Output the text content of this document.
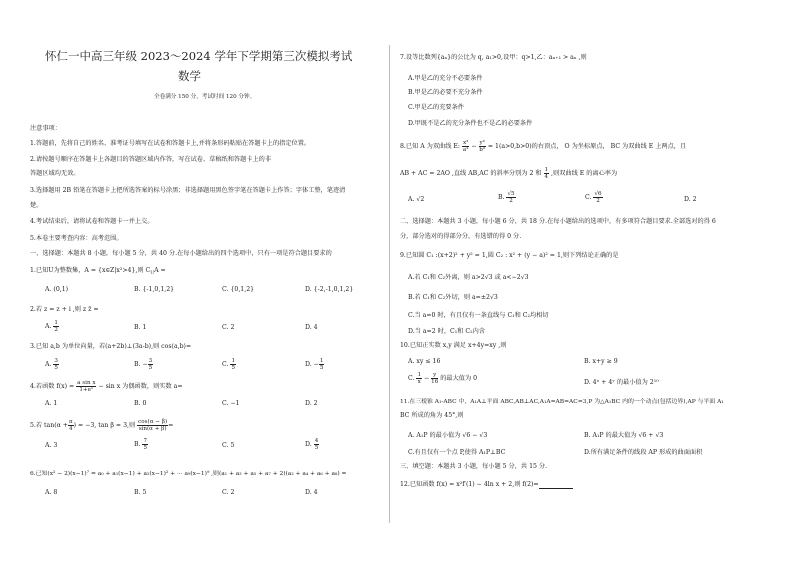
怀仁一中高三年级 2023～2024 学年下学期第三次模拟考试
数学
全卷满分 150 分，考试时间 120 分钟。
注意事项：
1.答题前，先将自己的姓名、准考证号填写在试卷和答题卡上,并将条形码粘贴在答题卡上的指定位置。
2.请按题号顺序在答题卡上各题目的答题区域内作答，写在试卷、草稿纸和答题卡上的非
答题区域均无效。
3.选择题用 2B 铅笔在答题卡上把所选答案的标号涂黑；非选择题用黑色签字笔在答题卡上作答；字体工整，笔迹清
楚。
4.考试结束后，请将试卷和答题卡一并上交。
5.本卷主要考查内容：高考范围。
一、选择题：本题共 8 小题，每小题 5 分，共 40 分.在每小题给出的四个选项中，只有一项是符合题目要求的
1.已知U为整数集，A = {x∈Z|x²>4},则 $C_UA$ =
A. (0,1)	B. {-1,0,1,2}	C. {0,1,2}	D. {-2,-1,0,1,2}
2.若 z = z + i ,则 z z̄ =
A. $\frac{1}{2}$	B. 1	C. 2	D. 4
3.已知 a,b 为单位向量，若(a+2b)⊥(3a-b),则 cos⟨a,b⟩=
A. $\frac{3}{5}$	B. − $\frac{3}{5}$	C. $\frac{1}{5}$	D. − $\frac{1}{5}$
4.若函数 $f(x) = \frac{\text{a sin x}}{\text{1+eˣ}} - \sin x$ 为偶函数，则实数 a=
A. 1	B. 0	C. −1	D. 2
5.若 $\tan(\alpha + \frac{\pi}{4}$ ) = −3, tan β = 3,则 $\frac{\cos(\alpha - \beta)}{\sin(\alpha + \beta)}$ =
A. 3	B. $\frac{7}{5}$	C. 5	D. $\frac{4}{5}$
6.已知(x² − 2)(x−1)⁷ = a₀ + a₁(x−1) + a₂(x−1)² + ··· a₉(x−1)⁹ ,则(a₁ + a₃ + a₅ + a₇ + 2)(a₂ + a₄ + a₆ + a₈) =
A. 8	B. 5	C. 2	D. 4
7.设等比数列{aₙ}的公比为 q, a₁>0,设甲：q>1,乙：aₙ₊₁ > aₙ ,则
A.甲是乙的充分不必要条件
B.甲是乙的必要不充分条件
C.甲是乙的充要条件
D.甲既不是乙的充分条件也不是乙的必要条件
8.已知 A 为双曲线 E: $\frac{\text{x²}}{\text{a²}} - \frac{\text{y²}}{\text{b²}} = 1(a>0,b>0)$的右顶点， O 为坐标原点， BC 为双曲线 E 上两点，且
AB + AC = 2AO ,直线 AB,AC 的斜率分别为 2 和 $\frac{1}{4}$ ,则双曲线 E 的离心率为
A. √2	B. $\frac{√5}{2}$	C. $\frac{√6}{2}$	D. 2
二、选择题：本题共 3 小题，每小题 6 分，共 18 分.在每小题给出的选项中，有多项符合题目要求.全部选对的得 6
分，部分选对的得部分分，有选错的得 0 分.
9.已知圆 C₁ :(x+2)² + y² = 1,圆 C₂ : x² + (y − a)² = 1,则下列结论正确的是
A.若 C₁和 C₂外离，则 a>2√3 或 a<−2√3
B.若 C₁和 C₂外切，则 a=±2√3
C.当 a=0 时，有且仅有一条直线与 C₁和 C₂均相切
D.当 a=2 时，C₁和 C₂内含
10.已知正实数 x,y 满足 x+4y=xy ,则
A. xy ≤ 16	B. x+y ≥ 9
C. $\frac{1}{x} - \frac{y}{16}$ 的最大值为 0
D. 4ˣ + 4ʸ 的最小值为 2¹⁰
11.在三棱锥 A₁-ABC 中，A₁A⊥平面 ABC,AB⊥AC,A₁A=AB=AC=3,P 为△A₁BC 内的一个动点(包括边界),AP 与平面 A₁
BC 所成的角为 45°,则
A. A₁P 的最小值为 √6 − √3	B. A₁P 的最大值为 √6 + √3
C.有且仅有一个点 P,使得 A₁P⊥BC	D.所有满足条件的线段 AP 形成的曲面面积
三、填空题：本题共 3 小题，每小题 5 分，共 15 分.
12.已知函数 f(x) = x²f′(1) − 4ln x + 2,则 f(2)=
